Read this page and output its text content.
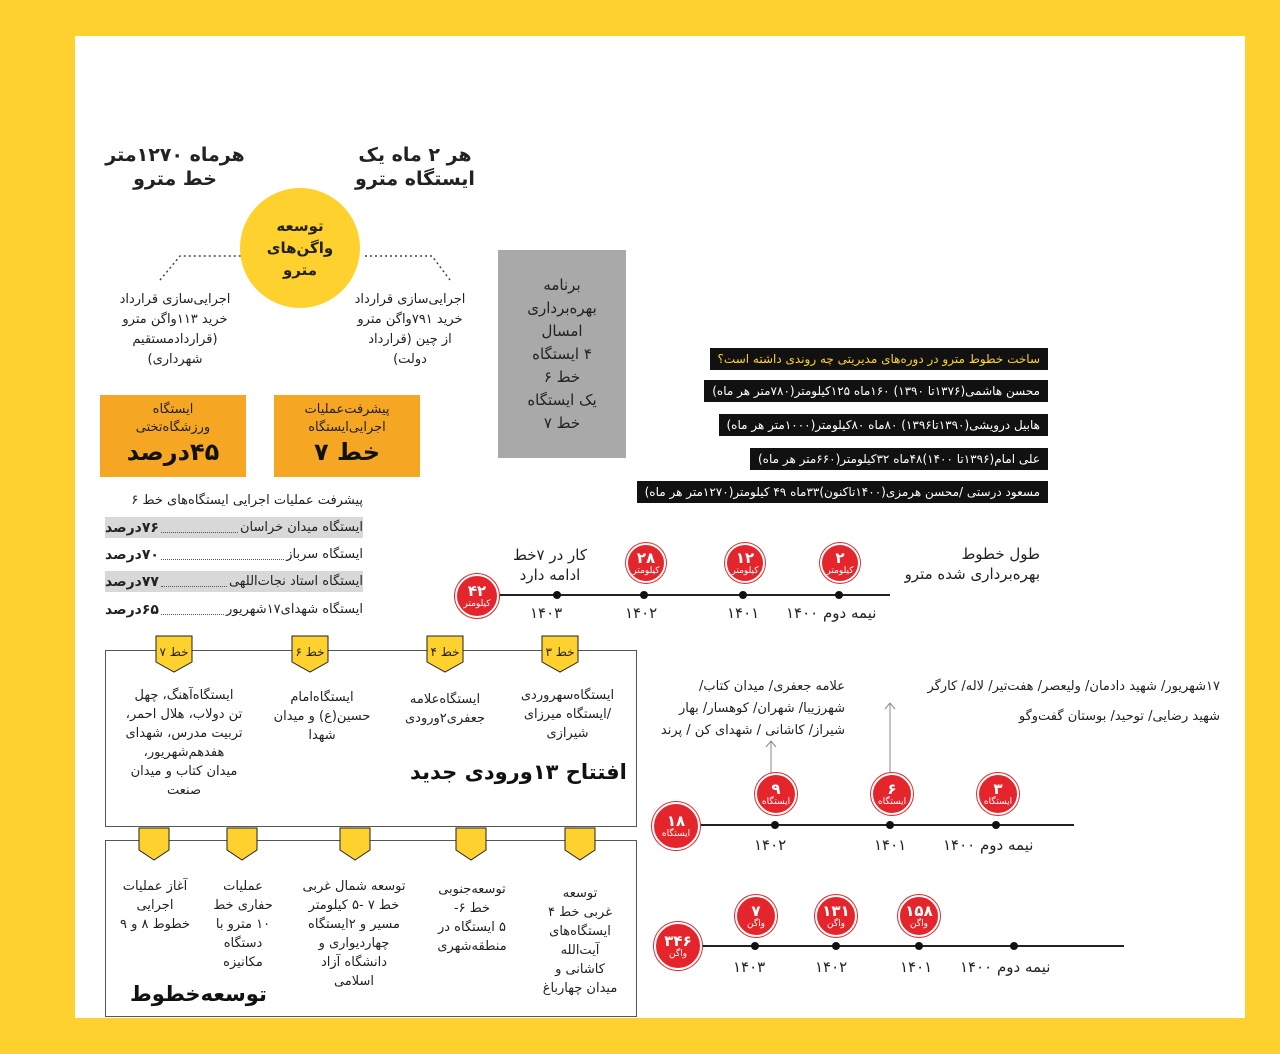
هرماه ۱۲۷۰متر
خط مترو
هر ۲ ماه یک
ایستگاه مترو
توسعه
واگن‌های
مترو
اجرایی‌سازی قرارداد
خرید ۱۱۳واگن مترو
(قراردادمستقیم
شهرداری)
اجرایی‌سازی قرارداد
خرید ۷۹۱واگن مترو
از چین (قرارداد
دولت)
ایستگاه
ورزشگاه‌تختی
۴۵درصد
پیشرفت‌عملیات
اجرایی‌ایستگاه
خط ۷
برنامه
بهره‌برداری
امسال
۴ ایستگاه
خط ۶
یک ایستگاه
خط ۷
ساخت خطوط مترو در دوره‌های مدیریتی چه روندی داشته است؟
محسن هاشمی(۱۳۷۶تا ۱۳۹۰) ۱۶۰ماه ۱۲۵کیلومتر(۷۸۰متر هر ماه)
هابیل درویشی(۱۳۹۰تا۱۳۹۶) ۸۰ماه ۸۰کیلومتر(۱۰۰۰متر هر ماه)
علی امام(۱۳۹۶تا ۱۴۰۰)۴۸ماه ۳۲کیلومتر(۶۶۰متر هر ماه)
مسعود درستی /محسن هرمزی(۱۴۰۰تاکنون)۳۳ماه ۴۹ کیلومتر(۱۲۷۰متر هر ماه)
پیشرفت عملیات اجرایی ایستگاه‌های خط ۶
ایستگاه میدان خراسان
۷۶درصد
ایستگاه سرباز
۷۰درصد
ایستگاه استاد نجات‌اللهی
۷۷درصد
ایستگاه شهدای۱۷شهریور
۶۵درصد
طول خطوط
بهره‌برداری شده مترو
۴۲
کیلومتر
۲۸
کیلومتر
۱۲
کیلومتر
۲
کیلومتر
کار در ۷خط
ادامه دارد
۱۴۰۳	۱۴۰۲	۱۴۰۱ نیمه دوم ۱۴۰۰
خط ۷	خط ۶	خط ۴	خط ۳
ایستگاه‌سهروردی
/ایستگاه میرزای
شیرازی
ایستگاه‌علامه
جعفری۲ورودی
ایستگاه‌امام
حسین(ع) و میدان
شهدا
ایستگاه‌آهنگ، چهل
تن دولاب، هلال احمر،
تربیت مدرس، شهدای
هفدهم‌شهریور،
میدان کتاب و میدان
صنعت
افتتاح ۱۳ورودی جدید
توسعه
غربی خط ۴
ایستگاه‌های
آیت‌الله
کاشانی و
میدان چهارباغ
توسعه‌جنوبی
خط ۶-
۵ ایستگاه در
منطقه‌شهری
توسعه شمال غربی
خط ۷ -۵ کیلومتر
مسیر و ۲ایستگاه
چهاردیواری و
دانشگاه آزاد
اسلامی
عملیات
حفاری خط
۱۰ مترو با
دستگاه
مکانیزه
آغاز عملیات
اجرایی
خطوط ۸ و ۹
توسعه‌خطوط
۱۷شهریور/ شهید دادمان/ ولیعصر/ هفت‌تیر/ لاله/ کارگر
شهید رضایی/ توحید/ بوستان گفت‌وگو
علامه جعفری/ میدان کتاب/
شهرزیبا/ شهران/ کوهسار/ بهار
شیراز/ کاشانی / شهدای کن / پرند
۱۸
ایستگاه
۹
ایستگاه
۶
ایستگاه
۳
ایستگاه
۱۴۰۲	۱۴۰۱ نیمه دوم ۱۴۰۰
۳۴۶
واگن
۷
واگن
۱۳۱
واگن
۱۵۸
واگن
۱۴۰۳	۱۴۰۲	۱۴۰۱ نیمه دوم ۱۴۰۰
